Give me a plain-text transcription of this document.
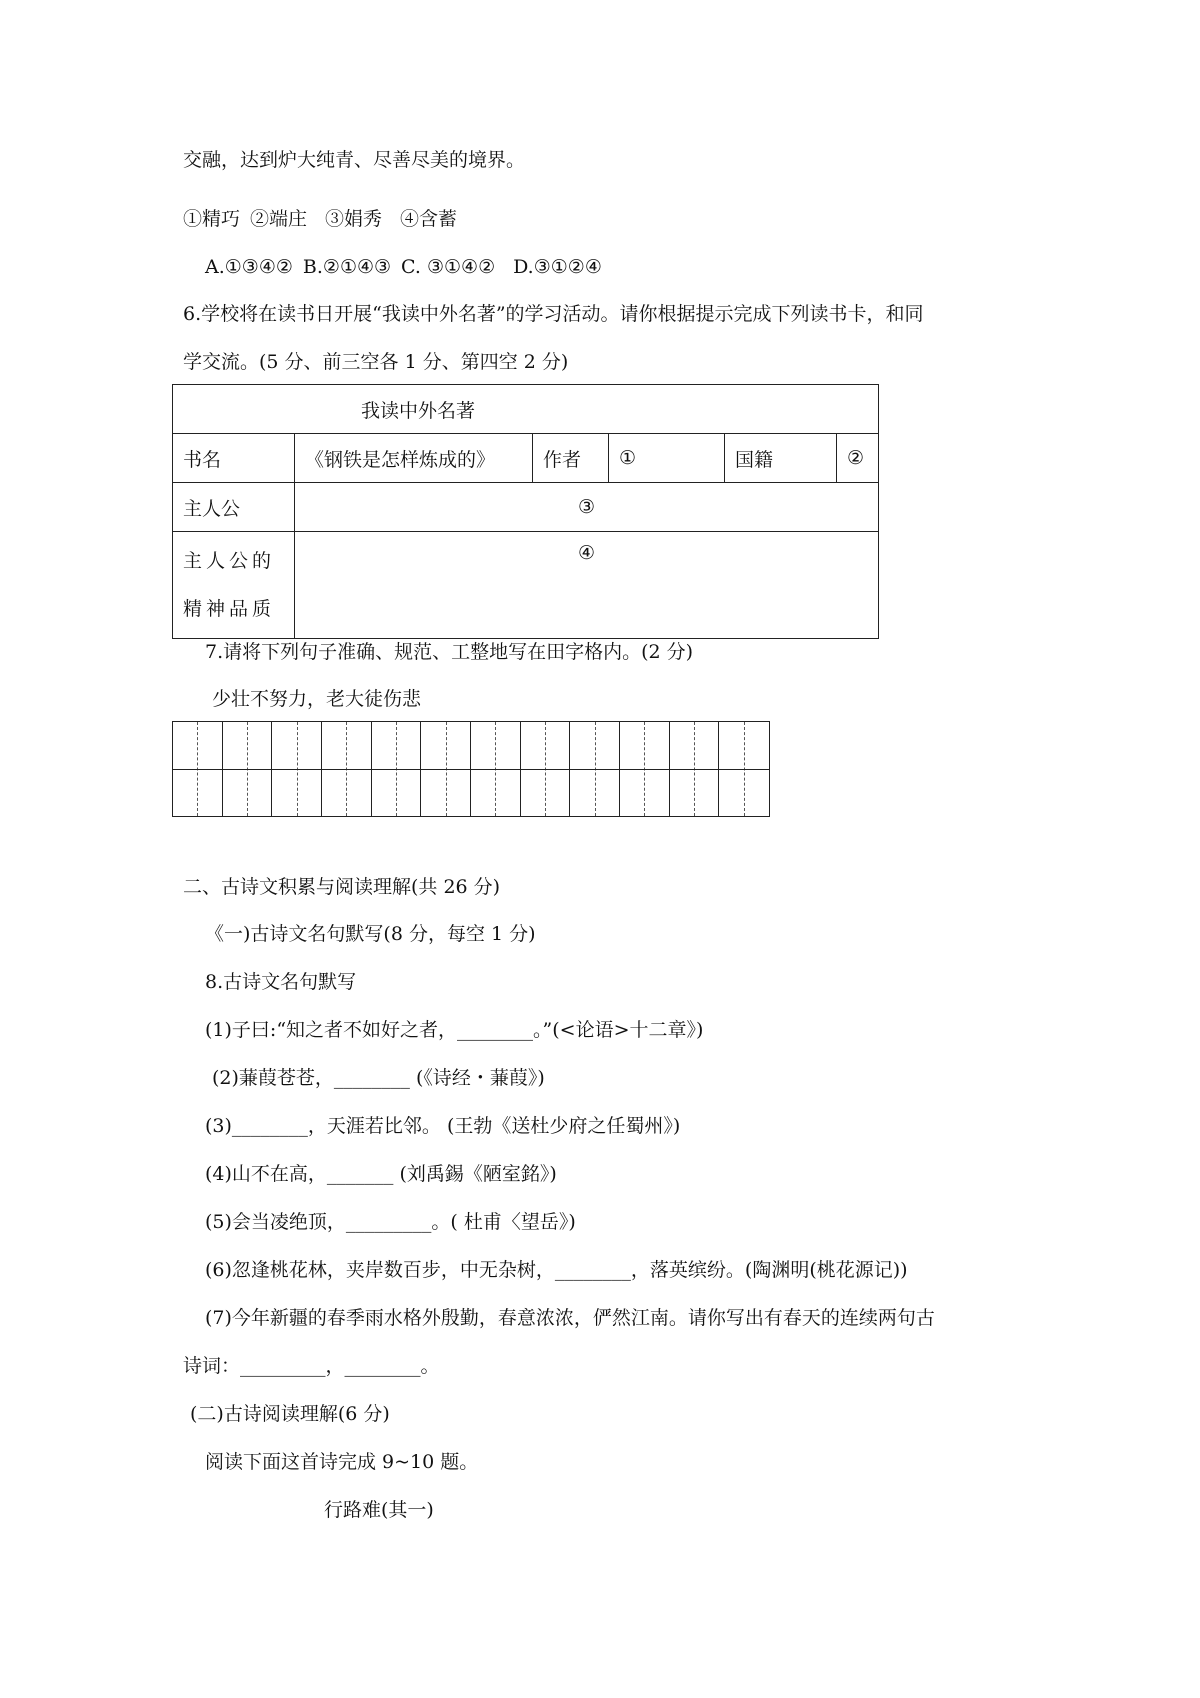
交融，达到炉大纯青、尽善尽美的境界。
①精巧 ②端庄 ③娟秀 ④含蓄
A.①③④② B.②①④③ C. ③①④② D.③①②④
6.学校将在读书日开展“我读中外名著”的学习活动。请你根据提示完成下列读书卡，和同
学交流。(5 分、前三空各 1 分、第四空 2 分)
我读中外名著					
书名	《钢铁是怎样炼成的》	作者	①	国籍	②
主人公	③				

主人公的
精神品质	④				
7.请将下列句子准确、规范、工整地写在田字格内。(2 分)
少壮不努力，老大徒伤悲
二、古诗文积累与阅读理解(共 26 分)
《一)古诗文名句默写(8 分，每空 1 分)
8.古诗文名句默写
(1)子曰:“知之者不如好之者，________。”(<论语>十二章》)
(2)蒹葭苍苍，________ (《诗经・蒹葭》)
(3)________，天涯若比邻。 (王勃《送杜少府之任蜀州》)
(4)山不在高，_______ (刘禹錫《陋室銘》)
(5)会当凌绝顶，_________。( 杜甫〈望岳》)
(6)忽逢桃花林，夹岸数百步，中无杂树，________，落英缤纷。(陶渊明(桃花源记))
(7)今年新疆的春季雨水格外殷勤，春意浓浓，俨然江南。请你写出有春天的连续两句古
诗词：_________，________。
(二)古诗阅读理解(6 分)
阅读下面这首诗完成 9~10 题。
行路难(其一)
